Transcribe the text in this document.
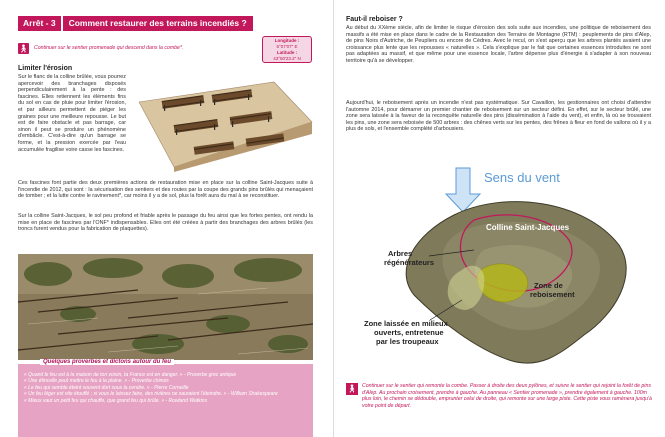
Arrêt - 3	Comment restaurer des terrains incendiés ?
Longitude :
5°07'07" E
Latitude :
43°50'23.2" N
🚶︎ Continuer sur le sentier promenade qui descend dans la combe*.
Limiter l'érosion
Sur le flanc de la colline brûlée, vous pourrez apercevoir des branchages disposés perpendiculairement à la pente : des fascines. Elles retiennent les éléments fins du sol en cas de pluie pour limiter l'érosion, et par ailleurs permettent de piéger les graines pour une meilleure repousse. Le but est de faire obstacle et pas barrage, car sinon il peut se produire un phénomène d'embâcle. C'est-à-dire qu'un barrage se forme, et la pression exercée par l'eau accumulée fragilise voire casse les fascines.
Ces fascines font partie des deux premières actions de restauration mise en place sur la colline Saint-Jacques suite à l'incendie de 2012, qui sont : la sécurisation des sentiers et des routes par la coupe des grands pins brûlés qui menaçaient de tomber ; et la lutte contre le ravinement*, car moins il y a de sol, plus la forêt aura du mal à se reconstituer.
Sur la colline Saint-Jacques, le sol peu profond et friable après le passage du feu ainsi que les fortes pentes, ont rendu la mise en place de fascines par l'ONF* indispensables. Elles ont été créées à partir des branchages des arbres brûlés (les troncs furent vendus pour la fabrication de plaquettes).
Quelques proverbes et dictons autour du feu
« Quand le feu est à la maison de ton voisin, ta France est en danger. » - Proverbe grec antique
« Une étincelle peut mettre le feu à la plaine. » - Proverbe chinois
« Le feu qui semble éteint souvent dort sous la cendre. » - Pierre Corneille
« Un feu léger est vite étouffé ; si vous le laissez faire, des rivières ne sauraient l'éteindre. » - William Shakespeare
« Mieux vaut un petit feu qui chauffe, que grand feu qui brûle. » - Rowland Watkins
Faut-il reboiser ?
Au début du XXème siècle, afin de limiter le risque d'érosion des sols suite aux incendies, une politique de reboisement des massifs a été mise en place dans le cadre de la Restauration des Terrains de Montagne (RTM) : peuplements de pins d'Alep, de pins Noirs d'Autriche, de Peupliers ou encore de Cèdres. Avec le recul, on s'est aperçu que les arbres plantés avaient une croissance plus lente que les repousses « naturelles ». Cela s'explique par le fait que certaines essences introduites ne sont pas adaptées au massif, et que même pour une essence locale, l'arbre dépense plus d'énergie à s'adapter à son nouveau territoire qu'à se développer.
Aujourd'hui, le reboisement après un incendie n'est pas systématique. Sur Cavaillon, les gestionnaires ont choisi d'attendre l'automne 2014, pour démarrer un premier chantier de reboisement sur un secteur défini. En effet, sur le secteur brûlé, une zone sera laissée à la faveur de la reconquête naturelle des pins (dissémination à l'aide du vent), et enfin, là où se trouvaient les pins, une zone sera reboisée de 500 arbres : des chênes verts sur les pentes, des frênes à fleur en fond de vallons où il y a plus de sols, et l'ensemble complété d'arbousiers.
Sens du vent
Colline Saint-Jacques
Arbres
régénérateurs
Zone de
reboisement
Zone laissée en milieux
ouverts, entretenue
par les troupeaux
🚶︎ Continuer sur le sentier qui remonte la combe. Passer à droite des deux pylônes, et suivre le sentier qui rejoint la forêt de pins d'Alep. Au prochain croisement, prendre à gauche. Au panneau « Sentier promenade », prendre également à gauche. 100m plus loin, le chemin se dédouble, emprunter celui de droite, qui remonte sur une large piste. Cette piste vous ramènera jusqu'à votre point de départ.
